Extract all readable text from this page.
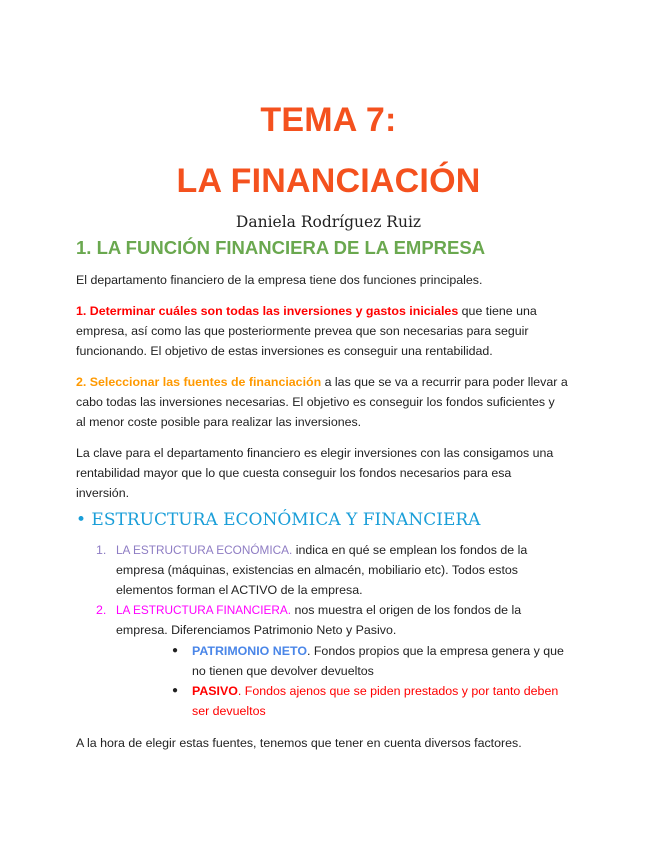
TEMA 7:
LA FINANCIACIÓN
Daniela Rodríguez Ruiz
1. LA FUNCIÓN FINANCIERA DE LA EMPRESA
El departamento financiero de la empresa tiene dos funciones principales.
1. Determinar cuáles son todas las inversiones y gastos iniciales que tiene una
empresa, así como las que posteriormente prevea que son necesarias para seguir
funcionando. El objetivo de estas inversiones es conseguir una rentabilidad.
2. Seleccionar las fuentes de financiación a las que se va a recurrir para poder llevar a
cabo todas las inversiones necesarias. El objetivo es conseguir los fondos suficientes y
al menor coste posible para realizar las inversiones.
La clave para el departamento financiero es elegir inversiones con las consigamos una
rentabilidad mayor que lo que cuesta conseguir los fondos necesarios para esa
inversión.
• ESTRUCTURA ECONÓMICA Y FINANCIERA
1. LA ESTRUCTURA ECONÓMICA. indica en qué se emplean los fondos de la
empresa (máquinas, existencias en almacén, mobiliario etc). Todos estos
elementos forman el ACTIVO de la empresa.
2. LA ESTRUCTURA FINANCIERA. nos muestra el origen de los fondos de la
empresa. Diferenciamos Patrimonio Neto y Pasivo.
● PATRIMONIO NETO. Fondos propios que la empresa genera y que
no tienen que devolver devueltos
● PASIVO. Fondos ajenos que se piden prestados y por tanto deben
ser devueltos
A la hora de elegir estas fuentes, tenemos que tener en cuenta diversos factores.
